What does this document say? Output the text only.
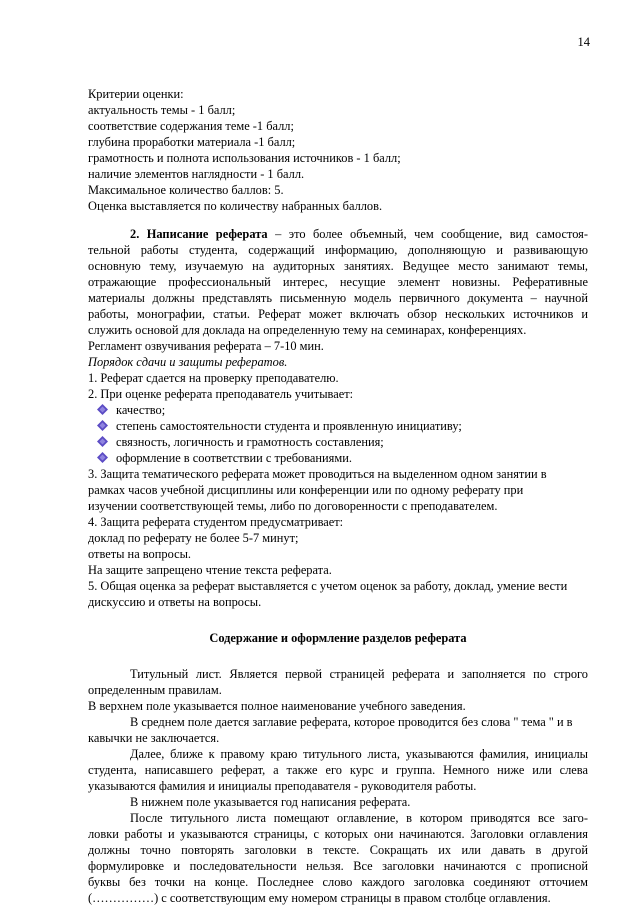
14
Критерии оценки:
актуальность темы - 1 балл;
соответствие содержания теме -1 балл;
глубина проработки материала -1 балл;
грамотность и полнота использования источников - 1 балл;
наличие элементов наглядности - 1 балл.
Максимальное количество баллов: 5.
Оценка выставляется по количеству набранных баллов.
2. Написание реферата – это более объемный, чем сообщение, вид самостоя-
тельной работы студента, содержащий информацию, дополняющую и развивающую
основную тему, изучаемую на аудиторных занятиях. Ведущее место занимают темы,
отражающие профессиональный интерес, несущие элемент новизны. Реферативные
материалы должны представлять письменную модель первичного документа – научной
работы, монографии, статьи. Реферат может включать обзор нескольких источников и
служить основой для доклада на определенную тему на семинарах, конференциях.
Регламент озвучивания реферата – 7-10 мин.
Порядок сдачи и защиты рефератов.
1. Реферат сдается на проверку преподавателю.
2. При оценке реферата преподаватель учитывает:
качество;
степень самостоятельности студента и проявленную инициативу;
связность, логичность и грамотность составления;
оформление в соответствии с требованиями.
3. Защита тематического реферата может проводиться на выделенном одном занятии в
рамках часов учебной дисциплины или конференции или по одному реферату при
изучении соответствующей темы, либо по договоренности с преподавателем.
4. Защита реферата студентом предусматривает:
доклад по реферату не более 5-7 минут;
ответы на вопросы.
На защите запрещено чтение текста реферата.
5. Общая оценка за реферат выставляется с учетом оценок за работу, доклад, умение вести
дискуссию и ответы на вопросы.
Содержание и оформление разделов реферата
Титульный лист. Является первой страницей реферата и заполняется по строго
определенным правилам.
В верхнем поле указывается полное наименование учебного заведения.
В среднем поле дается заглавие реферата, которое проводится без слова " тема " и в
кавычки не заключается.
Далее, ближе к правому краю титульного листа, указываются фамилия, инициалы
студента, написавшего реферат, а также его курс и группа. Немного ниже или слева
указываются фамилия и инициалы преподавателя - руководителя работы.
В нижнем поле указывается год написания реферата.
После титульного листа помещают оглавление, в котором приводятся все заго-
ловки работы и указываются страницы, с которых они начинаются. Заголовки оглавления
должны точно повторять заголовки в тексте. Сокращать их или давать в другой
формулировке и последовательности нельзя. Все заголовки начинаются с прописной
буквы без точки на конце. Последнее слово каждого заголовка соединяют отточием
(……………) с соответствующим ему номером страницы в правом столбце оглавления.
